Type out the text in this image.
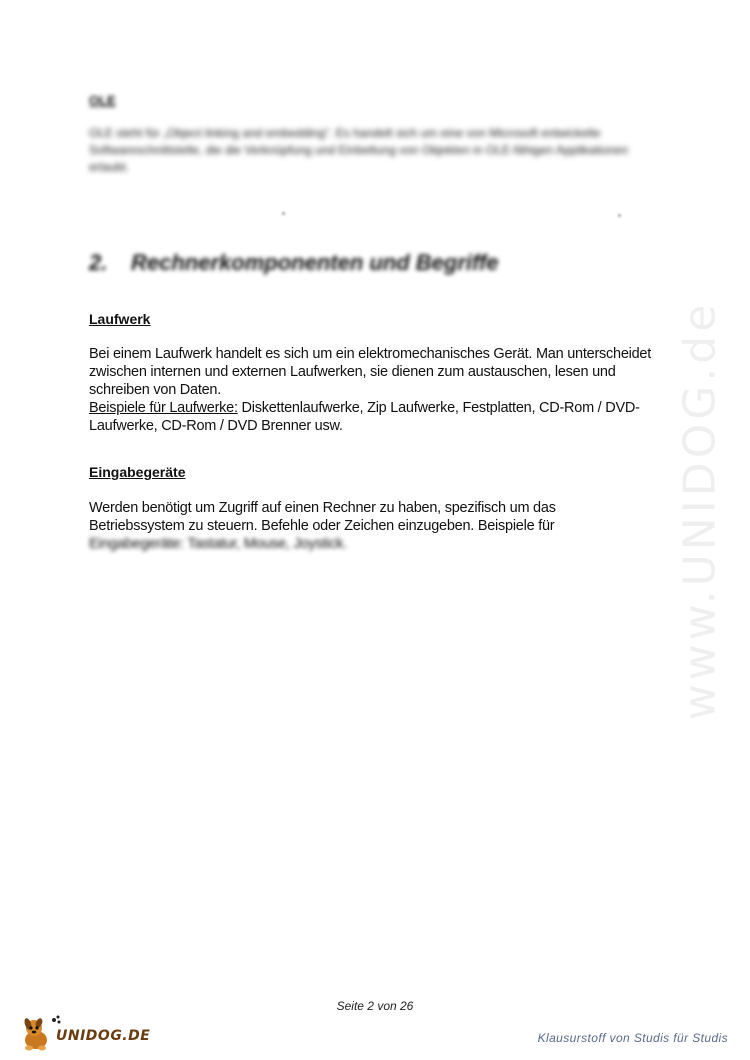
OLE
OLE steht für „Object linking and embedding“. Es handelt sich um eine von Microsoft entwickelte Softwareschnittstelle, die die Verknüpfung und Einbettung von Objekten in OLE-fähigen Applikationen erlaubt.
2. Rechnerkomponenten und Begriffe
Laufwerk
Bei einem Laufwerk handelt es sich um ein elektromechanisches Gerät. Man unterscheidet zwischen internen und externen Laufwerken, sie dienen zum austauschen, lesen und schreiben von Daten.
Beispiele für Laufwerke: Diskettenlaufwerke, Zip Laufwerke, Festplatten, CD-Rom / DVD-Laufwerke, CD-Rom / DVD Brenner usw.
Eingabegeräte
Werden benötigt um Zugriff auf einen Rechner zu haben, spezifisch um das Betriebssystem zu steuern. Befehle oder Zeichen einzugeben. Beispiele für
Eingabegeräte: Tastatur, Mouse, Joystick.	www.UNIDOG.de
Seite 2 von 26
UNIDOG.DE	Klausurstoff von Studis für Studis
